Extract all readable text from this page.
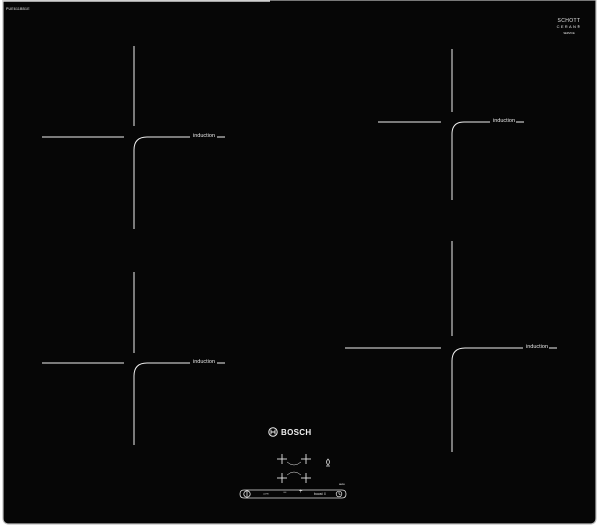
PUE611BB1E
SCHOTT
CERAN®
SERVICE
induction
induction
induction
induction
BOSCH
auto
○⊶ − +	boost ↥
